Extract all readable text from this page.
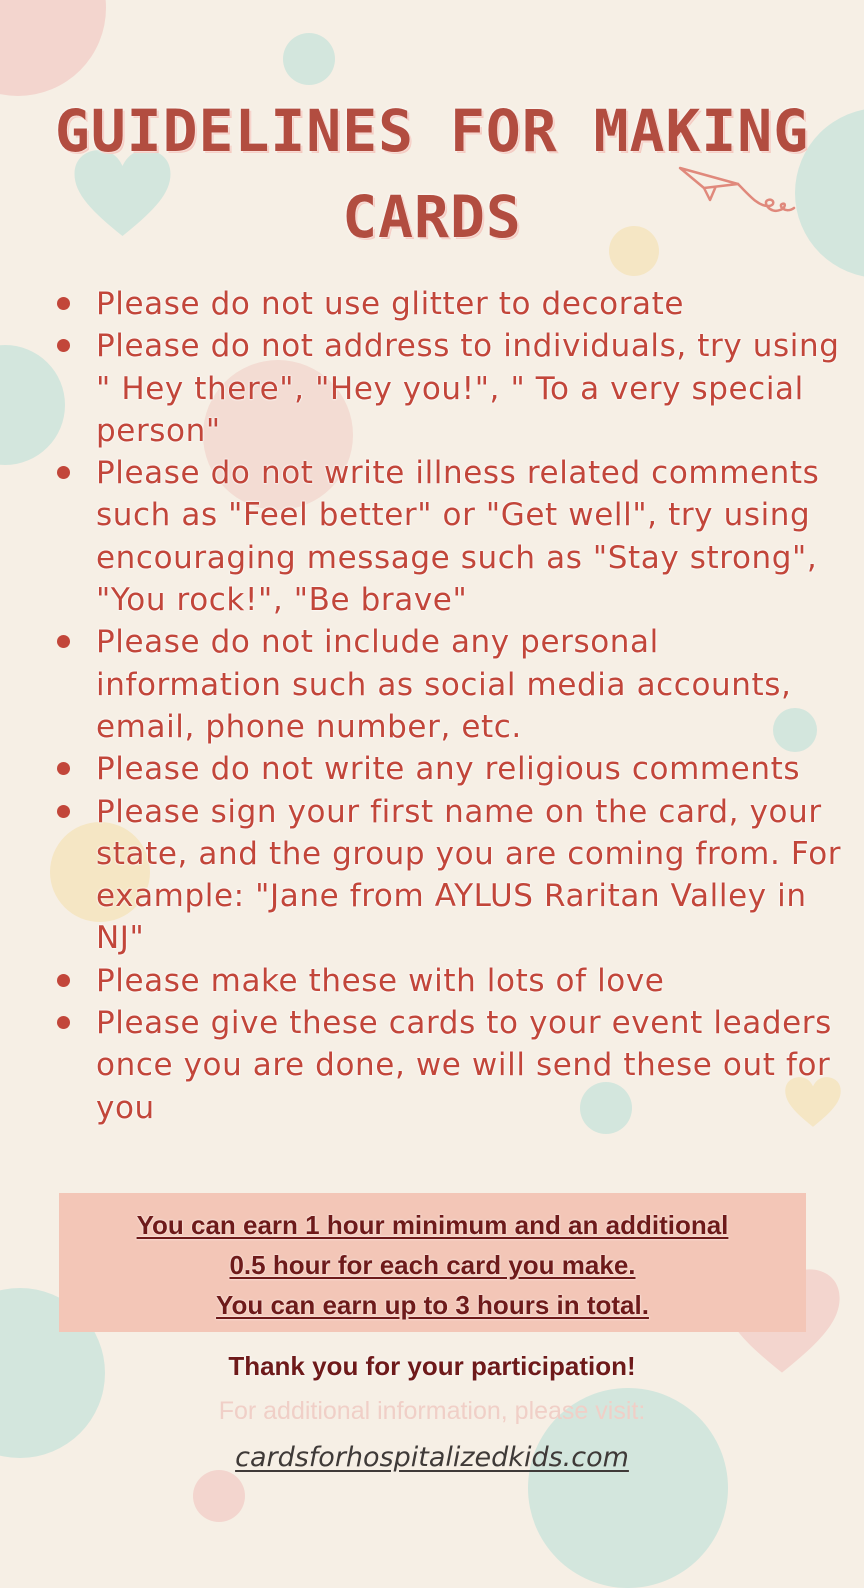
GUIDELINES FOR MAKING
CARDS
Please do not use glitter to decorate
Please do not address to individuals, try using " Hey there", "Hey you!", " To a very special person"
Please do not write illness related comments such as "Feel better" or "Get well", try using encouraging message such as "Stay strong", "You rock!", "Be brave"
Please do not include any personal information such as social media accounts, email, phone number, etc.
Please do not write any religious comments
Please sign your first name on the card, your state, and the group you are coming from. For example: "Jane from AYLUS Raritan Valley in NJ"
Please make these with lots of love
Please give these cards to your event leaders once you are done, we will send these out for you
You can earn 1 hour minimum and an additional
0.5 hour for each card you make.
You can earn up to 3 hours in total.
Thank you for your participation!
For additional information, please visit:
cardsforhospitalizedkids.com
